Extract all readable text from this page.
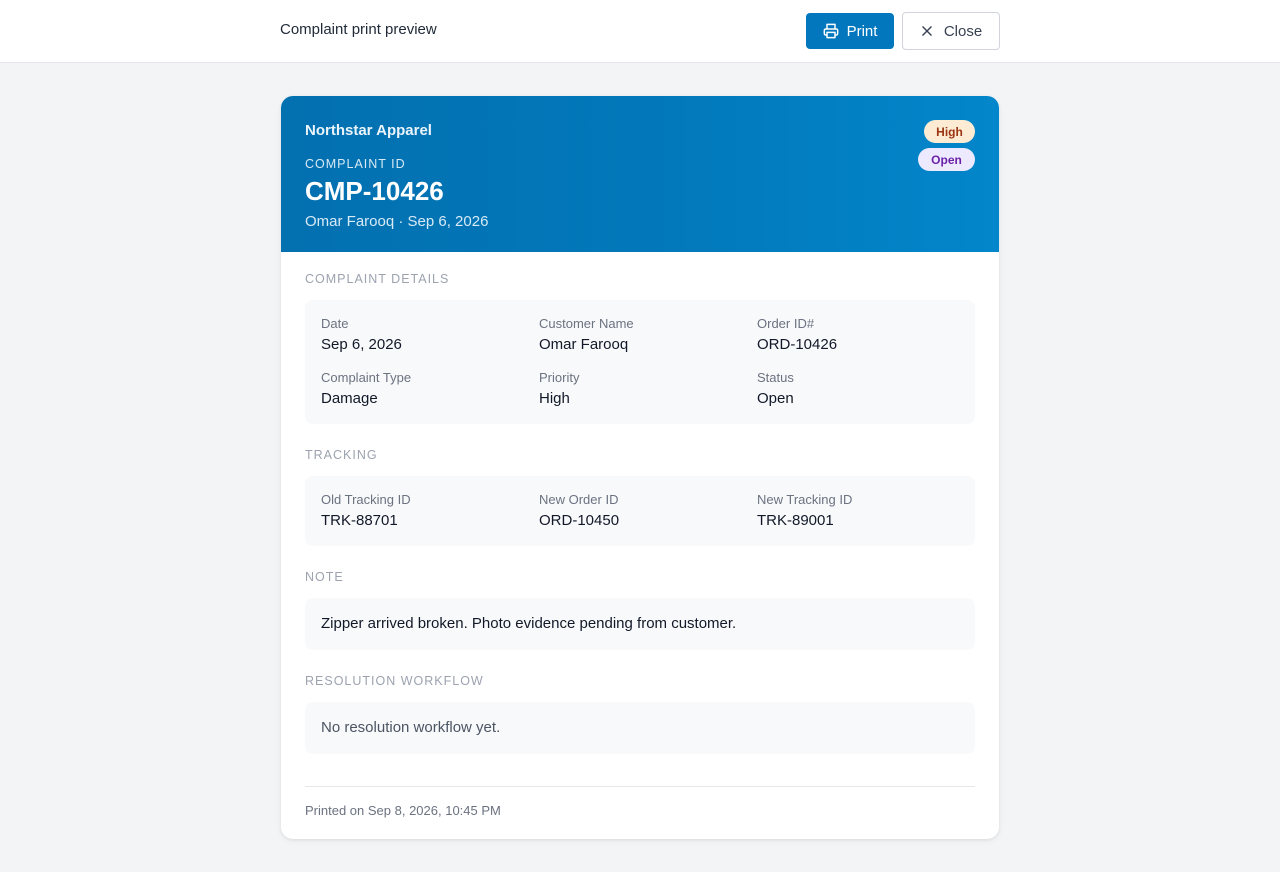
Complaint print preview	Print	Close
Northstar Apparel
COMPLAINT ID
CMP-10426
Omar Farooq · Sep 6, 2026
High
Open
COMPLAINT DETAILS
Date
Sep 6, 2026
Customer Name
Omar Farooq
Order ID#
ORD-10426
Complaint Type
Damage
Priority
High
Status
Open
TRACKING
Old Tracking ID
TRK-88701
New Order ID
ORD-10450
New Tracking ID
TRK-89001
NOTE
Zipper arrived broken. Photo evidence pending from customer.
RESOLUTION WORKFLOW
No resolution workflow yet.
Printed on Sep 8, 2026, 10:45 PM
